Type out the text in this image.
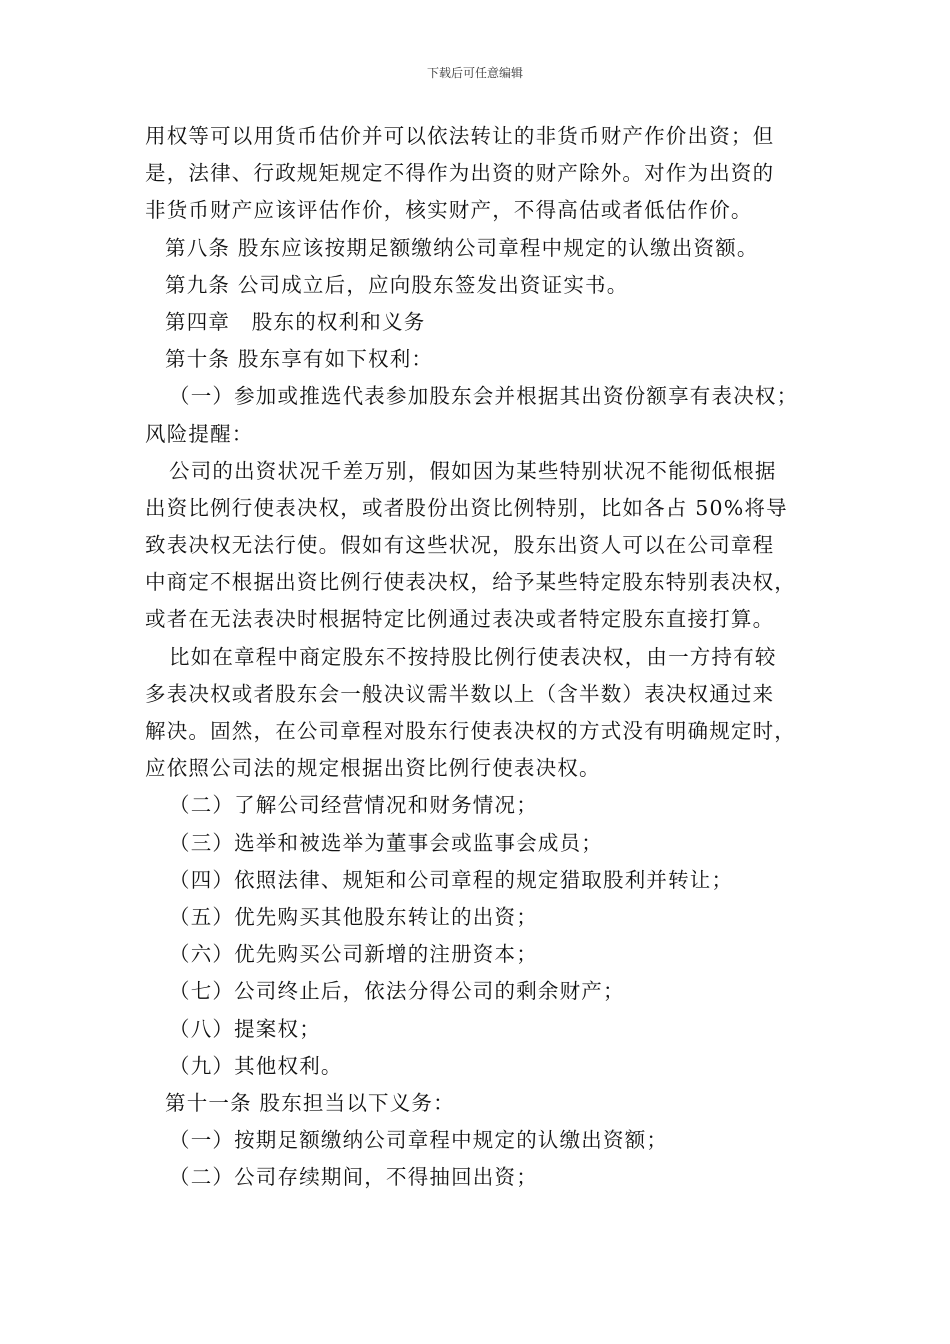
下载后可任意编辑
用权等可以用货币估价并可以依法转让的非货币财产作价出资；但
是，法律、行政规矩规定不得作为出资的财产除外。对作为出资的
非货币财产应该评估作价，核实财产，不得高估或者低估作价。
第八条 股东应该按期足额缴纳公司章程中规定的认缴出资额。
第九条 公司成立后，应向股东签发出资证实书。
第四章　股东的权利和义务
第十条 股东享有如下权利：
（一）参加或推选代表参加股东会并根据其出资份额享有表决权；
风险提醒：
公司的出资状况千差万别，假如因为某些特别状况不能彻低根据
出资比例行使表决权，或者股份出资比例特别，比如各占 50%将导
致表决权无法行使。假如有这些状况，股东出资人可以在公司章程
中商定不根据出资比例行使表决权，给予某些特定股东特别表决权，
或者在无法表决时根据特定比例通过表决或者特定股东直接打算。
比如在章程中商定股东不按持股比例行使表决权，由一方持有较
多表决权或者股东会一般决议需半数以上（含半数）表决权通过来
解决。固然，在公司章程对股东行使表决权的方式没有明确规定时，
应依照公司法的规定根据出资比例行使表决权。
（二）了解公司经营情况和财务情况；
（三）选举和被选举为董事会或监事会成员；
（四）依照法律、规矩和公司章程的规定猎取股利并转让；
（五）优先购买其他股东转让的出资；
（六）优先购买公司新增的注册资本；
（七）公司终止后，依法分得公司的剩余财产；
（八）提案权；
（九）其他权利。
第十一条 股东担当以下义务：
（一）按期足额缴纳公司章程中规定的认缴出资额；
（二）公司存续期间，不得抽回出资；
